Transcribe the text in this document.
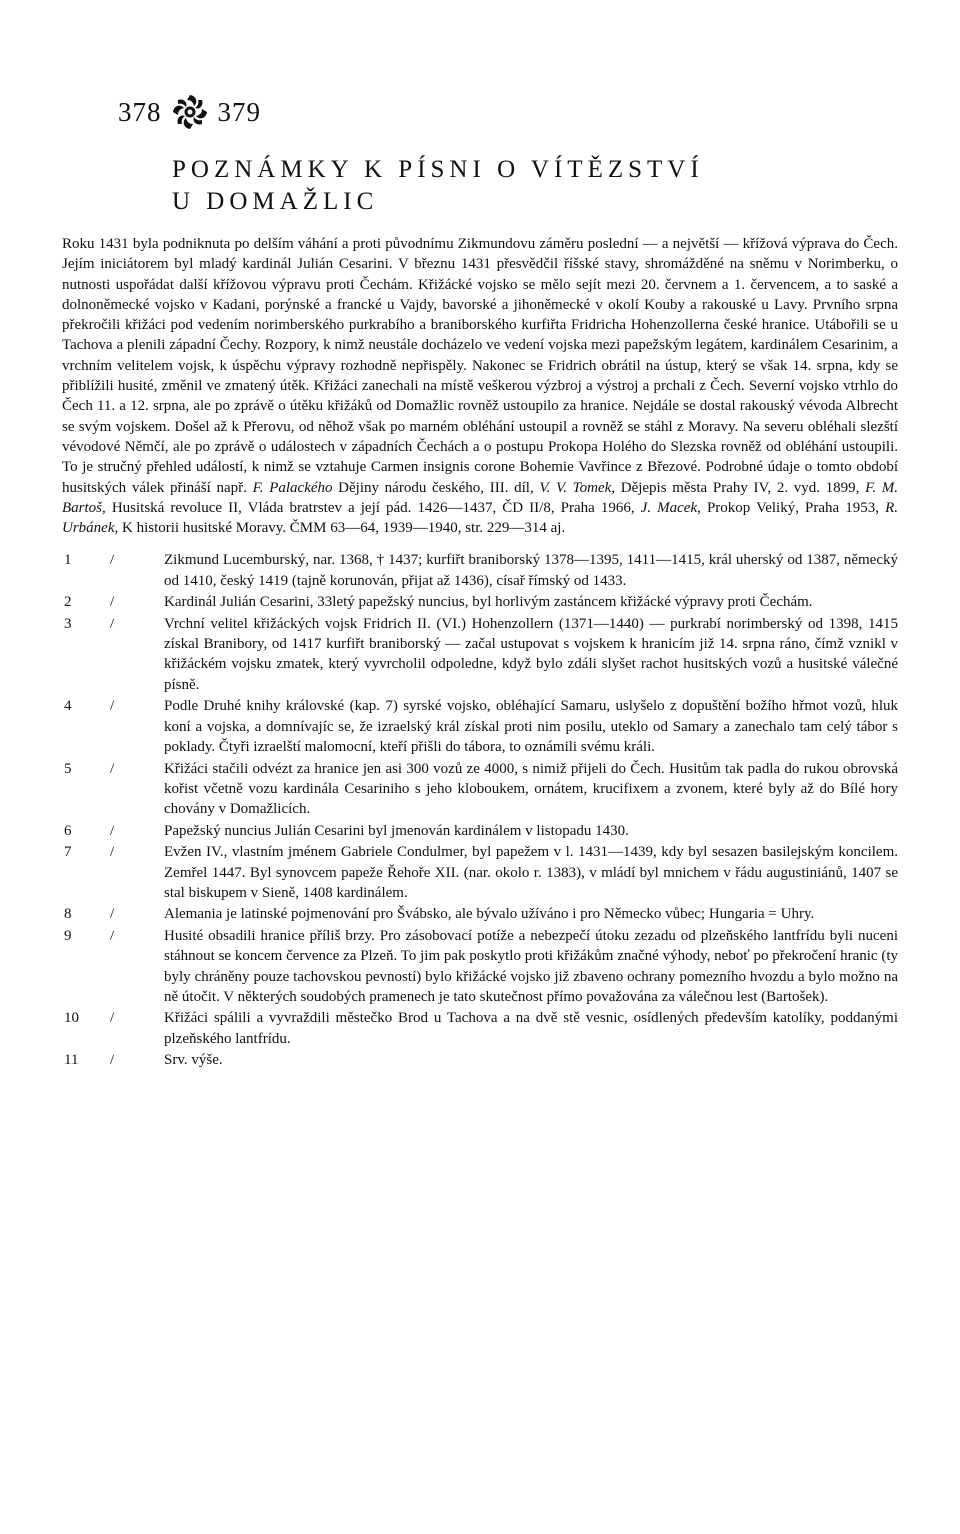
378 379
POZNÁMKY K PÍSNI O VÍTĚZSTVÍ
U DOMAŽLIC
Roku 1431 byla podniknuta po delším váhání a proti původnímu Zikmundovu záměru poslední — a největší — křížová výprava do Čech. Jejím iniciátorem byl mladý kardinál Julián Cesarini. V březnu 1431 přesvědčil říšské stavy, shromážděné na sněmu v Norimberku, o nutnosti uspořádat další křížovou výpravu proti Čechám. Křižácké vojsko se mělo sejít mezi 20. červnem a 1. červencem, a to saské a dolnoněmecké vojsko v Kadani, porýnské a francké u Vajdy, bavorské a jihoněmecké v okolí Kouby a rakouské u Lavy. Prvního srpna překročili křižáci pod vedením norimberského purkrabího a braniborského kurfiřta Fridricha Hohenzollerna české hranice. Utábořili se u Tachova a plenili západní Čechy. Rozpory, k nimž neustále docházelo ve vedení vojska mezi papežským legátem, kardinálem Cesarinim, a vrchním velitelem vojsk, k úspěchu výpravy rozhodně nepřispěly. Nakonec se Fridrich obrátil na ústup, který se však 14. srpna, kdy se přiblížili husité, změnil ve zmatený útěk. Křižáci zanechali na místě veškerou výzbroj a výstroj a prchali z Čech. Severní vojsko vtrhlo do Čech 11. a 12. srpna, ale po zprávě o útěku křižáků od Domažlic rovněž ustoupilo za hranice. Nejdále se dostal rakouský vévoda Albrecht se svým vojskem. Došel až k Přerovu, od něhož však po marném obléhání ustoupil a rovněž se stáhl z Moravy. Na severu obléhali slezští vévodové Němčí, ale po zprávě o událostech v západních Čechách a o postupu Prokopa Holého do Slezska rovněž od obléhání ustoupili. To je stručný přehled událostí, k nimž se vztahuje Carmen insignis corone Bohemie Vavřince z Březové. Podrobné údaje o tomto období husitských válek přináší např. F. Palackého Dějiny národu českého, III. díl, V. V. Tomek, Dějepis města Prahy IV, 2. vyd. 1899, F. M. Bartoš, Husitská revoluce II, Vláda bratrstev a její pád. 1426—1437, ČD II/8, Praha 1966, J. Macek, Prokop Veliký, Praha 1953, R. Urbánek, K historii husitské Moravy. ČMM 63—64, 1939—1940, str. 229—314 aj.
1	/	Zikmund Lucemburský, nar. 1368, † 1437; kurfiřt braniborský 1378—1395, 1411—1415, král uherský od 1387, německý od 1410, český 1419 (tajně korunován, přijat až 1436), císař římský od 1433.
2	/	Kardinál Julián Cesarini, 33letý papežský nuncius, byl horlivým zastáncem křižácké výpravy proti Čechám.
3	/	Vrchní velitel křižáckých vojsk Fridrich II. (VI.) Hohenzollern (1371—1440) — purkrabí norimberský od 1398, 1415 získal Branibory, od 1417 kurfiřt braniborský — začal ustupovat s vojskem k hranicím již 14. srpna ráno, čímž vznikl v křižáckém vojsku zmatek, který vyvrcholil odpoledne, když bylo zdáli slyšet rachot husitských vozů a husitské válečné písně.
4	/	Podle Druhé knihy královské (kap. 7) syrské vojsko, obléhající Samaru, uslyšelo z dopuštění božího hřmot vozů, hluk koní a vojska, a domnívajíc se, že izraelský král získal proti nim posilu, uteklo od Samary a zanechalo tam celý tábor s poklady. Čtyři izraelští malomocní, kteří přišli do tábora, to oznámili svému králi.
5	/	Křižáci stačili odvézt za hranice jen asi 300 vozů ze 4000, s nimiž přijeli do Čech. Husitům tak padla do rukou obrovská kořist včetně vozu kardinála Cesariniho s jeho kloboukem, ornátem, krucifixem a zvonem, které byly až do Bílé hory chovány v Domažlicích.
6	/	Papežský nuncius Julián Cesarini byl jmenován kardinálem v listopadu 1430.
7	/	Evžen IV., vlastním jménem Gabriele Condulmer, byl papežem v l. 1431—1439, kdy byl sesazen basilejským koncilem. Zemřel 1447. Byl synovcem papeže Řehoře XII. (nar. okolo r. 1383), v mládí byl mnichem v řádu augustiniánů, 1407 se stal biskupem v Sieně, 1408 kardinálem.
8	/	Alemania je latinské pojmenování pro Švábsko, ale bývalo užíváno i pro Německo vůbec; Hungaria = Uhry.
9	/	Husité obsadili hranice příliš brzy. Pro zásobovací potíže a nebezpečí útoku zezadu od plzeňského lantfrídu byli nuceni stáhnout se koncem července za Plzeň. To jim pak poskytlo proti křižákům značné výhody, neboť po překročení hranic (ty byly chráněny pouze tachovskou pevností) bylo křižácké vojsko již zbaveno ochrany pomezního hvozdu a bylo možno na ně útočit. V některých soudobých pramenech je tato skutečnost přímo považována za válečnou lest (Bartošek).
10	/	Křižáci spálili a vyvraždili městečko Brod u Tachova a na dvě stě vesnic, osídlených především katolíky, poddanými plzeňského lantfrídu.
11	/	Srv. výše.
